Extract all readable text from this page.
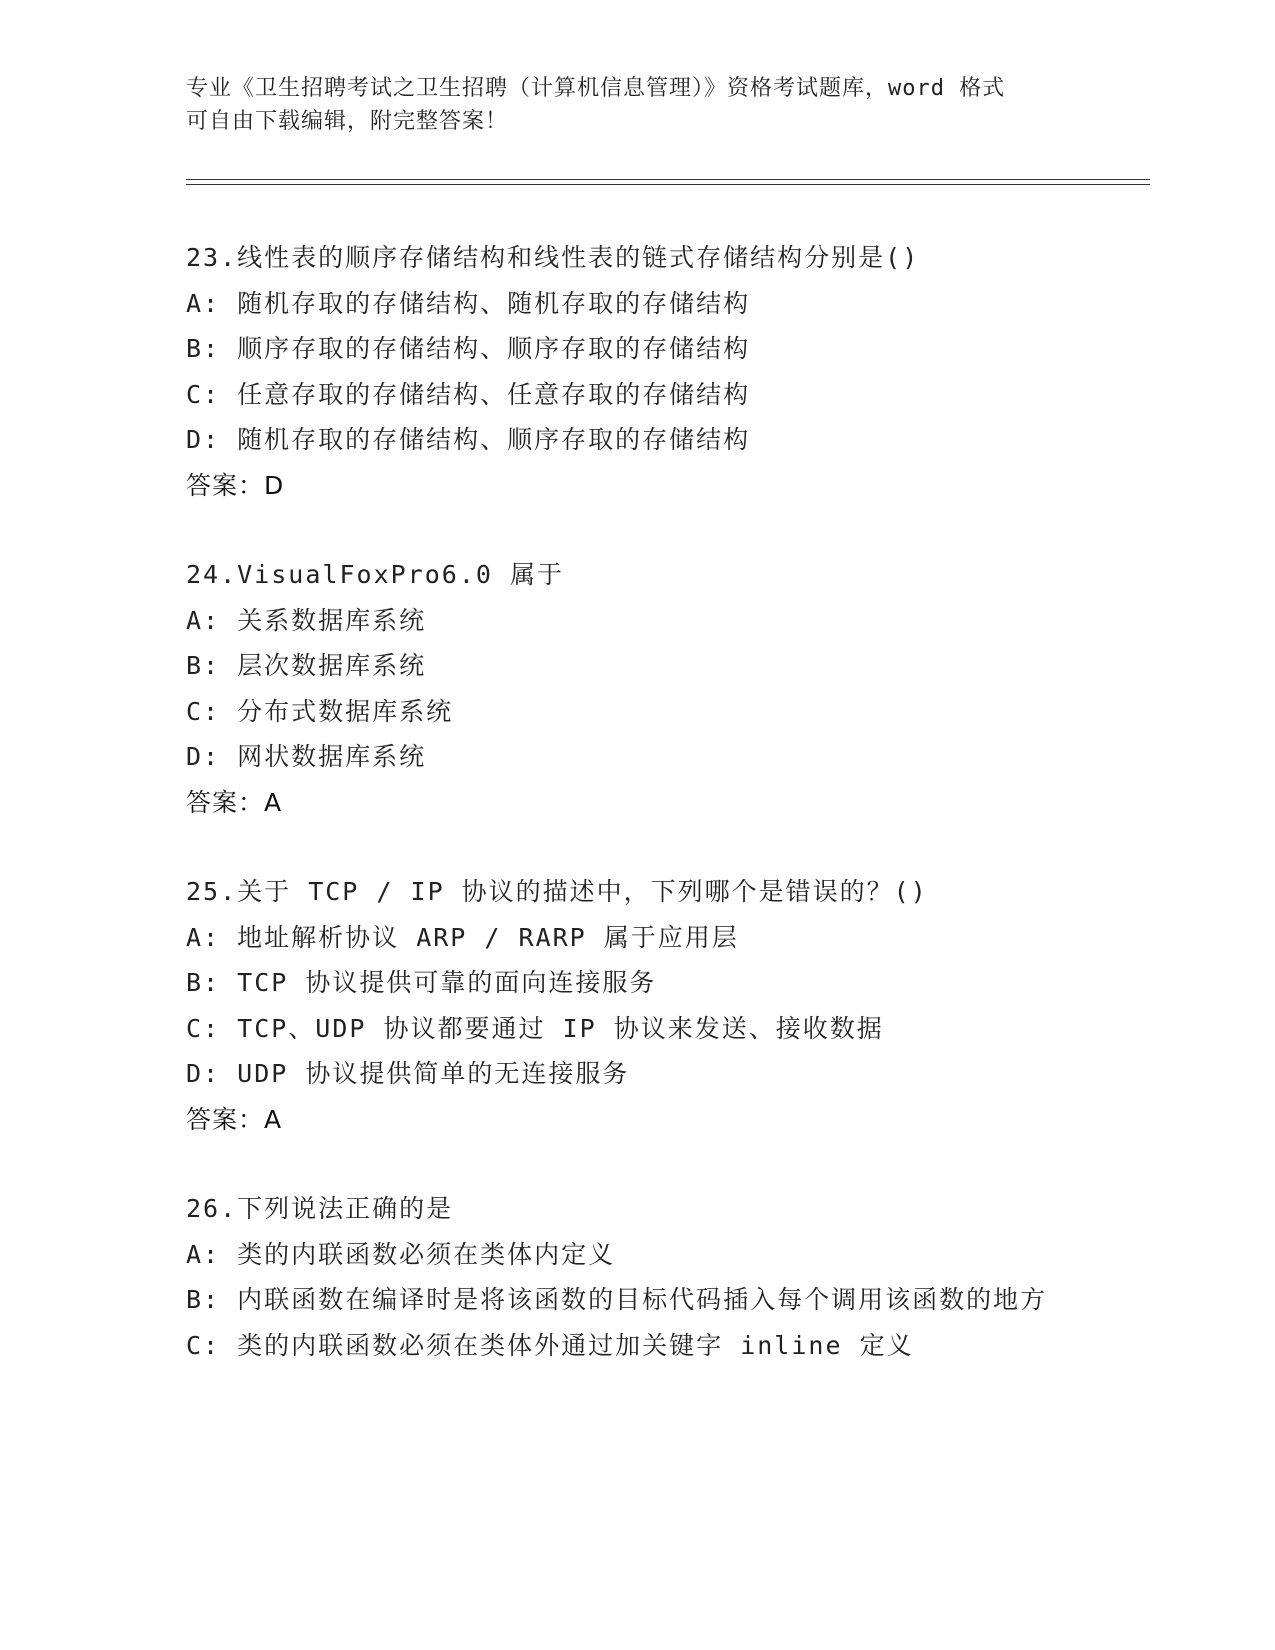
专业《卫生招聘考试之卫生招聘（计算机信息管理）》资格考试题库，word 格式
可自由下载编辑，附完整答案！
23.线性表的顺序存储结构和线性表的链式存储结构分别是()
A: 随机存取的存储结构、随机存取的存储结构
B: 顺序存取的存储结构、顺序存取的存储结构
C: 任意存取的存储结构、任意存取的存储结构
D: 随机存取的存储结构、顺序存取的存储结构
答案：D
24.VisualFoxPro6.0 属于
A: 关系数据库系统
B: 层次数据库系统
C: 分布式数据库系统
D: 网状数据库系统
答案：A
25.关于 TCP / IP 协议的描述中，下列哪个是错误的？()
A: 地址解析协议 ARP / RARP 属于应用层
B: TCP 协议提供可靠的面向连接服务
C: TCP、UDP 协议都要通过 IP 协议来发送、接收数据
D: UDP 协议提供简单的无连接服务
答案：A
26.下列说法正确的是
A: 类的内联函数必须在类体内定义
B: 内联函数在编译时是将该函数的目标代码插入每个调用该函数的地方
C: 类的内联函数必须在类体外通过加关键字 inline 定义
